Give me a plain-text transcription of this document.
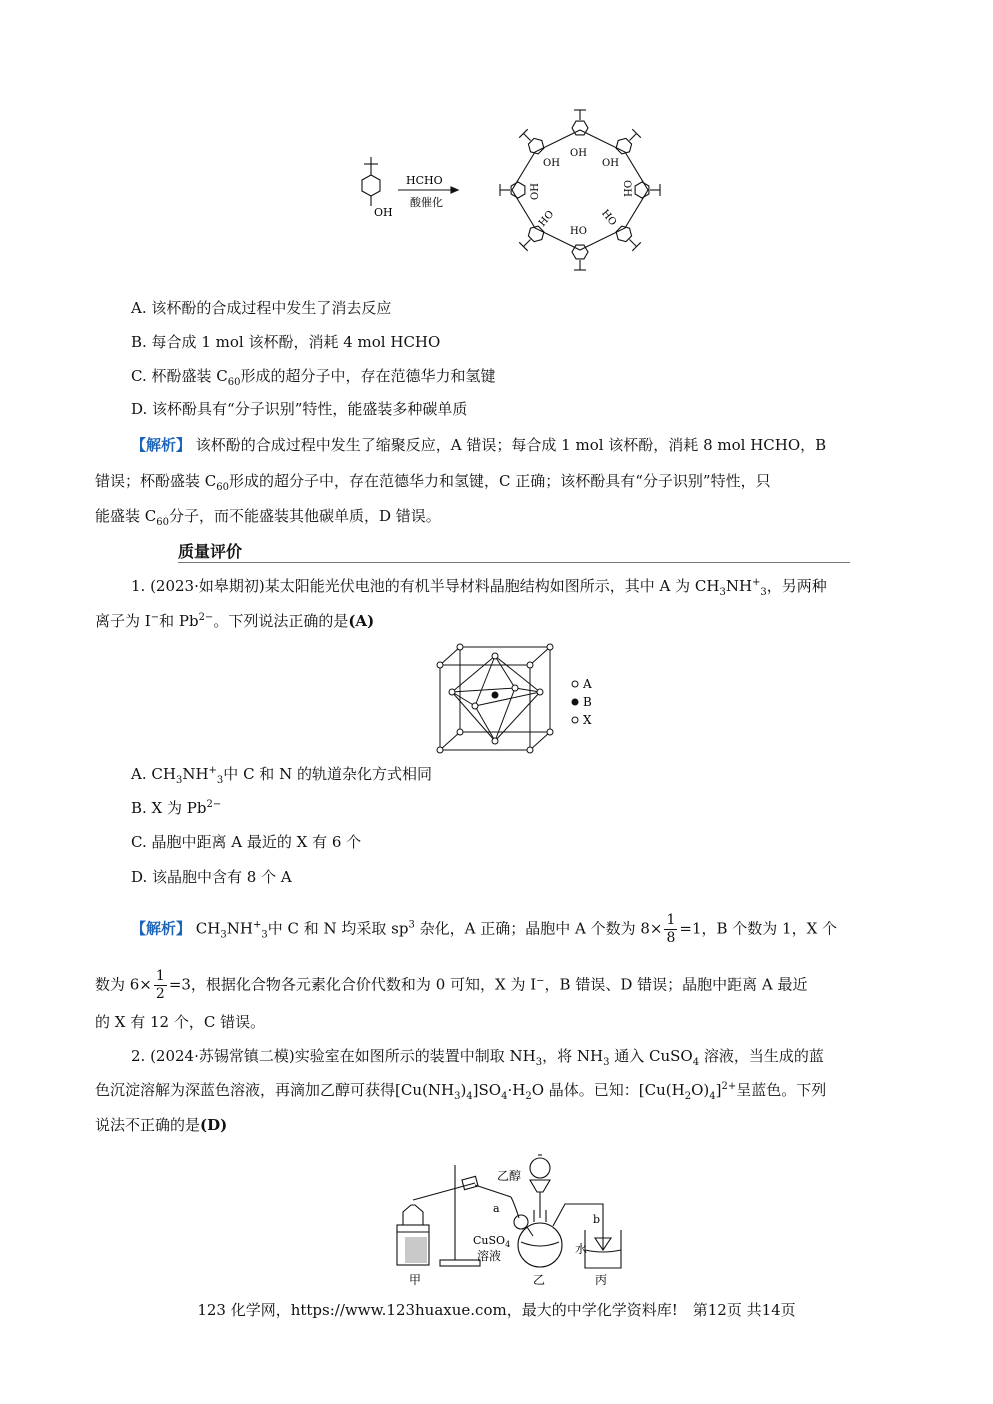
OH
HCHO
酸催化
OH
OH
OH
OH	OH
HO	HO
HO
A. 该杯酚的合成过程中发生了消去反应
B. 每合成 1 mol 该杯酚，消耗 4 mol HCHO
C. 杯酚盛装 $C_{60}$形成的超分子中，存在范德华力和氢键
D. 该杯酚具有“分子识别”特性，能盛装多种碳单质
【解析】 该杯酚的合成过程中发生了缩聚反应，A 错误；每合成 1 mol 该杯酚，消耗 8 mol HCHO，B
错误；杯酚盛装 $C_{60}$形成的超分子中，存在范德华力和氢键，C 正确；该杯酚具有“分子识别”特性，只
能盛装 $C_{60}$分子，而不能盛装其他碳单质，D 错误。
质量评价
1. (2023·如皋期初)某太阳能光伏电池的有机半导材料晶胞结构如图所示，其中 A 为 $CH_3NH^+_3$，另两种
离子为 I−和 $Pb^{2-}$。下列说法正确的是(A)
A
B
X
A. $CH_3NH^+_3$中 C 和 N 的轨道杂化方式相同
B. X 为 $Pb^{2-}$
C. 晶胞中距离 A 最近的 X 有 6 个
D. 该晶胞中含有 8 个 A
【解析】 $CH_3NH^+_3$中 C 和 N 均采取 $sp^3$ 杂化，A 正确；晶胞中 A 个数为 $8\times \frac{1}{8} =1$，B 个数为 1，X 个
数为 $6\times \frac{1}{2} =3$，根据化合物各元素化合价代数和为 0 可知，X 为 I−，B 错误、D 错误；晶胞中距离 A 最近
的 X 有 12 个，C 错误。
2. (2024·苏锡常镇二模)实验室在如图所示的装置中制取 $NH_3$，将 $NH_3$ 通入 CuSO$_4$ 溶液，当生成的蓝
色沉淀溶解为深蓝色溶液，再滴加乙醇可获得$[Cu(NH_3)_4]SO_4\cdot H_2O$ 晶体。已知：$[Cu(H_2O)_4]^{2+}$呈蓝色。下列
说法不正确的是(D)
乙醇
a
b
CuSO$_4$
溶液	水
甲	乙	丙
123 化学网，https://www.123huaxue.com，最大的中学化学资料库!　第12页 共14页
